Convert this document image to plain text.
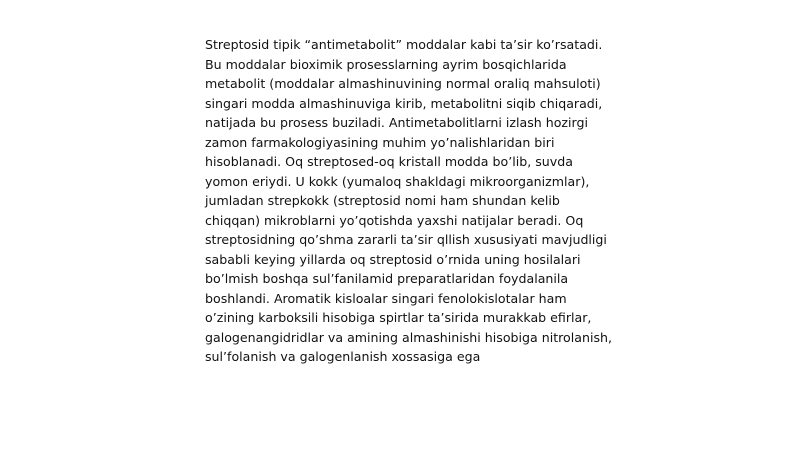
Streptosid tipik “antimetabolit” moddalar kabi ta’sir ko’rsatadi.
Bu moddalar bioximik prosesslarning ayrim bosqichlarida
metabolit (moddalar almashinuvining normal oraliq mahsuloti)
singari modda almashinuviga kirib, metabolitni siqib chiqaradi,
natijada bu prosess buziladi. Antimetabolitlarni izlash hozirgi
zamon farmakologiyasining muhim yo’nalishlaridan biri
hisoblanadi. Oq streptosed-oq kristall modda bo’lib, suvda
yomon eriydi. U kokk (yumaloq shakldagi mikroorganizmlar),
jumladan strepkokk (streptosid nomi ham shundan kelib
chiqqan) mikroblarni yo’qotishda yaxshi natijalar beradi. Oq
streptosidning qo’shma zararli ta’sir qllish xususiyati mavjudligi
sababli keying yillarda oq streptosid o’rnida uning hosilalari
bo’lmish boshqa sul’fanilamid preparatlaridan foydalanila
boshlandi. Aromatik kisloalar singari fenolokislotalar ham
o’zining karboksili hisobiga spirtlar ta’sirida murakkab efirlar,
galogenangidridlar va amining almashinishi hisobiga nitrolanish,
sul’folanish va galogenlanish xossasiga ega
